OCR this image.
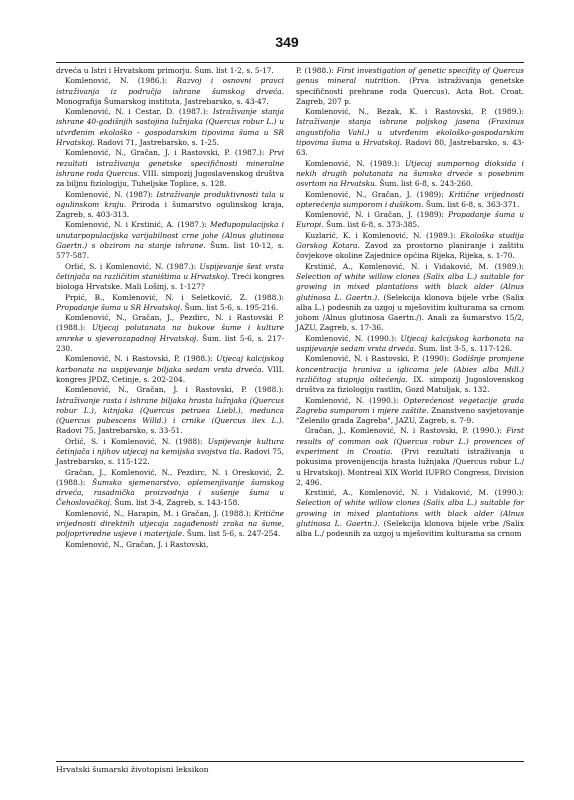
349

drveća u Istri i Hrvatskom primorju. Šum. list 1-2, s. 5-17.

Komlenović, N. (1986.): Razvoj i osnovni pravci istraživanja iz područja ishrane šumskog drveća. Monografija Šumarskog instituta, Jastrebarsko, s. 43-47.

Komlenović, N. i Cestar, D. (1987.): Istraživanje stanja ishrane 40-godišnjih sastojina lužnjaka (Quercus robur L.) u utvrđenim ekološko - gospodarskim tipovima šuma u SR Hrvatskoj. Radovi 71, Jastrebarsko, s. 1-25.

Komlenović, N., Gračan, J. i Rastovski, P. (1987.): Prvi rezultati istraživanja genetske specifičnosti mineralne ishrane roda Quercus. VIII. simpozij Jugoslavenskog društva za biljnu fiziologiju, Tuheljske Toplice, s. 128.

Komlenović, N. (1987): Istraživanje produktivnosti tala u ogulinskom kraju. Priroda i šumarstvo ogulinskog kraja, Zagreb, s. 403-313.

Komlenović, N. i Krstinić, A. (1987.): Međupopulacijska i unutarpopulacijska varijabilnost crne johe (Alnus glutinosa Gaertn.) s obzirom na stanje ishrane. Šum. list 10-12, s. 577-587.

Orlić, S. i Komlenović, N. (1987.): Uspijevanje šest vrsta četinjača na različitim staništima u Hrvatskoj. Treći kongres biologa Hrvatske. Mali Lošinj, s. 1-127?

Prpić, B., Komlenović, N. i Seletković, Z. (1988.): Propadanje šuma u SR Hrvatskoj. Šum. list 5-6, s. 195-216.

Komlenović, N., Gračan, J., Pezdirc, N. i Rastovski P. (1988.): Utjecaj polutanata na bukove šume i kulture smreke u sjeverozapadnoj Hrvatskoj. Šum. list 5-6, s. 217-230.

Komlenović, N. i Rastovski, P. (1988.): Utjecaj kalcijskog karbonata na uspijevanje biljaka sedam vrsta drveća. VIII. kongres JPDZ, Cetinje, s. 202-204.

Komlenović, N., Gračan, J. i Rastovski, P. (1988.): Istraživanje rasta i ishrane biljaka hrasta lužnjaka (Quercus robur L.), kitnjaka (Quercus petraea Liebl.), medunca (Quercus pubescens Willd.) i crnike (Quercus ilex L.). Radovi 75, Jastrebarsko, s. 33-51.

Orlić, S. i Komlenović, N. (1988): Uspijevanje kultura četinjača i njihov utjecaj na kemijska svojstva tla. Radovi 75, Jastrebarsko, s. 115-122.

Gračan, J., Komlenović, N., Pezdirc, N. i Oresković, Ž. (1988.): Šumsko sjemenarstvo, oplemenjivanje šumskog drveća, rasadnička proizvodnja i sušenje šuma u Čehoslovačkoj. Šum. list 3-4, Zagreb, s. 143-158.

Komlenović, N., Harapin, M. i Gračan, J. (1988.): Kritične vrijednosti direktnih utjecaja zagađenosti zraka na šume, poljoprivredne usjeve i materijale. Šum. list 5-6, s. 247-254.

Komlenović, N., Gračan, J. i Rastovski,

P. (1988.): First investigation of genetic specifity of Quercus genus mineral nutrition. (Prva istraživanja genetske specifičnosti prehrane roda Quercus). Acta Bot. Croat. Zagreb, 207 p.

Komlenović, N., Bezak, K. i Rastovski, P. (1989.): Istraživanje stanja ishrane poljskog jasena (Fraxinus angustifolia Vahl.) u utvrđenim ekološko-gospodarskim tipovima šuma u Hrvatskoj. Radovi 80, Jastrebarsko, s. 43-63.

Komlenović, N. (1989.): Utjecaj sumpornog dioksida i nekih drugih polutanata na šumsko drveće s posebnim osvrtom na Hrvatsku. Šum. list 6-8, s. 243-260.

Komlenović, N., Gračan, J. (1989): Kritične vrijednosti opterećenja sumporom i dušikom. Šum. list 6-8, s. 363-371.

Komlenović, N. i Gračan, J. (1989): Propadanje šuma u Europi. Šum. list 6-8, s. 373-385.

Kuzlarić, K. i Komlenović, N. (1989.): Ekološka studija Gorskog Kotara. Zavod za prostorno planiranje i zaštitu čovjekove okoline Zajednice općina Rijeka, Rijeka, s. 1-70.

Krstinić, A., Komlenović, N. i Vidaković, M. (1989.): Selection of white willow clones (Salix alba L.) suitable for growing in mixed plantations with black alder (Alnus glutinosa L. Gaertn.). (Selekcija klonova bijele vrbe (Salix alba L.) podesnih za uzgoj u mješovitim kulturama sa crnom johom /Alnus glutinosa Gaertn./). Anali za šumarstvo 15/2, JAZU, Zagreb, s. 17-36.

Komlenović, N. (1990.): Utjecaj kalcijskog karbonata na uspijevanje sedam vrsta drveća. Šum. list 3-5, s. 117-126.

Komlenović, N. i Rastovski, P. (1990): Godišnje promjene koncentracija hraniva u iglicama jele (Abies alba Mill.) različitog stupnja oštećenja. IX. simpozij Jugoslovenskog društva za fiziologiju rastlin, Gozd Matuljak, s. 132.

Komlenović, N. (1990.): Opterećenost vegetacije grada Zagreba sumporom i mjere zaštite. Znanstveno savjetovanje "Zelenilo grada Zagreba", JAZU, Zagreb, s. 7-9.

Gračan, J., Komlenović, N. i Rastovski, P. (1990.): First results of common oak (Quercus robur L.) provences of experiment in Croatia. (Prvi rezultati istraživanja u pokusima provenijencija hrasta lužnjaka /Quercus robur L./ u Hrvatskoj). Montreal XIX World IUFRO Congress, Division 2, 496.

Krstinić, A., Komlenović, N. i Vidaković, M. (1990.): Selection of white willow clones (Salix alba L.) suitable for growing in mixed plantations with black alder (Alnus glutinosa L. Gaertn.). (Selekcija klonova bijele vrbe /Salix alba L./ podesnih za uzgoj u mješovitim kulturama sa crnom

Hrvatski šumarski životopisni leksikon
